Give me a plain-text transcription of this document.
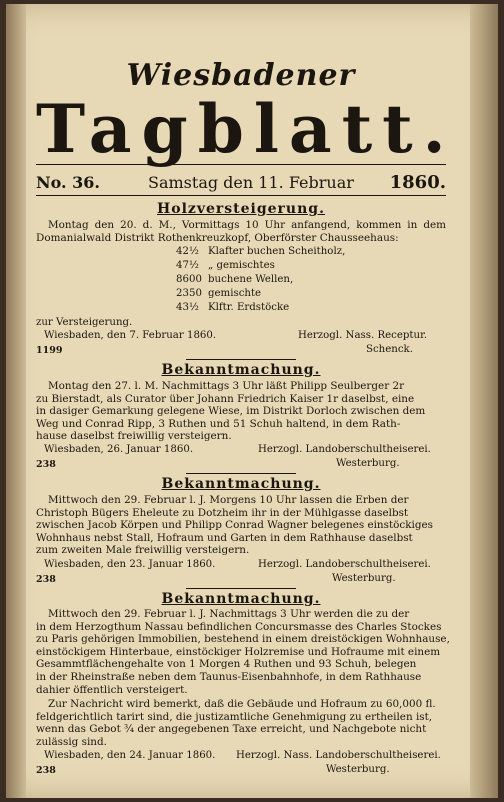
Wiesbadener
Tagblatt.
No. 36.	Samstag den 11. Februar 1860.
Holzversteigerung.
Montag den 20. d. M., Vormittags 10 Uhr anfangend, kommen in dem Domanialwald Distrikt Rothenkreuzkopf, Oberförster Chausseehaus:
42½ Klafter buchen Scheitholz,
47½ „ gemischtes
8600 buchene Wellen,
2350 gemischte
43½ Klftr. Erdstöcke
zur Versteigerung.
Wiesbaden, den 7. Februar 1860.	Herzogl. Nass. Receptur.
1199	Schenck.
Bekanntmachung.
Montag den 27. l. M. Nachmittags 3 Uhr läßt Philipp Seulberger 2r
zu Bierstadt, als Curator über Johann Friedrich Kaiser 1r daselbst, eine
in dasiger Gemarkung gelegene Wiese, im Distrikt Dorloch zwischen dem
Weg und Conrad Ripp, 3 Ruthen und 51 Schuh haltend, in dem Rath-
hause daselbst freiwillig versteigern.
Wiesbaden, 26. Januar 1860.	Herzogl. Landoberschultheiserei.
238	Westerburg.
Bekanntmachung.
Mittwoch den 29. Februar l. J. Morgens 10 Uhr lassen die Erben der
Christoph Bügers Eheleute zu Dotzheim ihr in der Mühlgasse daselbst
zwischen Jacob Körpen und Philipp Conrad Wagner belegenes einstöckiges
Wohnhaus nebst Stall, Hofraum und Garten in dem Rathhause daselbst
zum zweiten Male freiwillig versteigern.
Wiesbaden, den 23. Januar 1860.	Herzogl. Landoberschultheiserei.
238	Westerburg.
Bekanntmachung.
Mittwoch den 29. Februar l. J. Nachmittags 3 Uhr werden die zu der
in dem Herzogthum Nassau befindlichen Concursmasse des Charles Stockes
zu Paris gehörigen Immobilien, bestehend in einem dreistöckigen Wohnhause,
einstöckigem Hinterbaue, einstöckiger Holzremise und Hofraume mit einem
Gesammtflächengehalte von 1 Morgen 4 Ruthen und 93 Schuh, belegen
in der Rheinstraße neben dem Taunus-Eisenbahnhofe, in dem Rathhause
dahier öffentlich versteigert.
Zur Nachricht wird bemerkt, daß die Gebäude und Hofraum zu 60,000 fl.
feldgerichtlich tarirt sind, die justizamtliche Genehmigung zu ertheilen ist,
wenn das Gebot ¾ der angegebenen Taxe erreicht, und Nachgebote nicht
zulässig sind.
Wiesbaden, den 24. Januar 1860. Herzogl. Nass. Landoberschultheiserei.
238	Westerburg.
